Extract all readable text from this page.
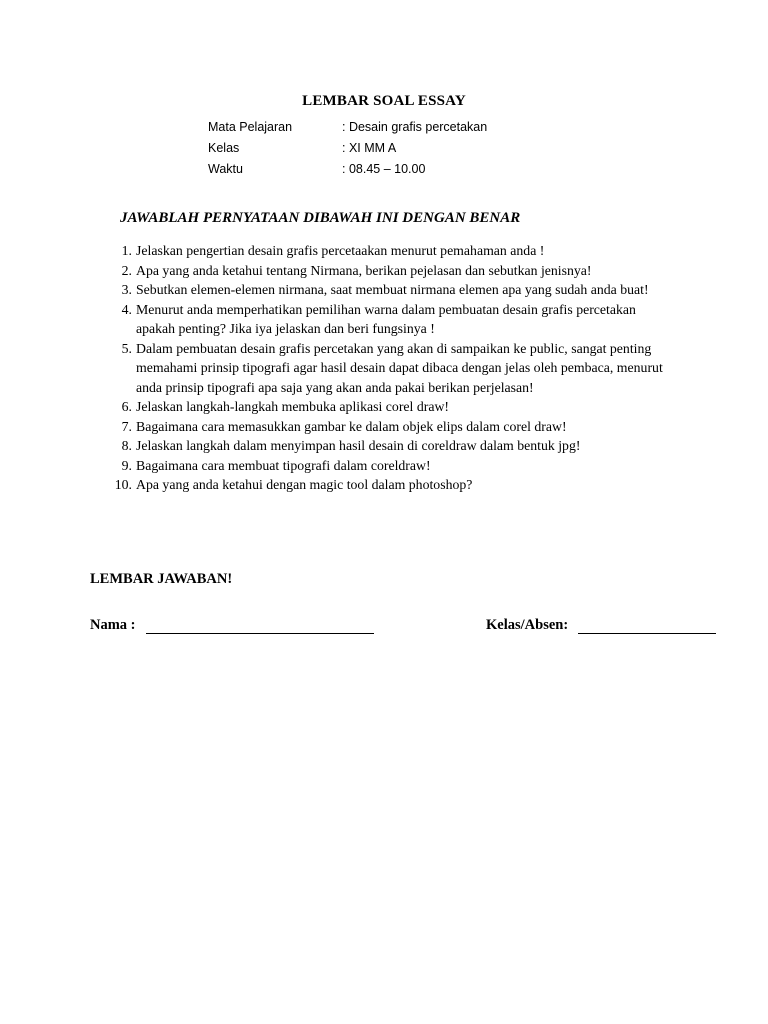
LEMBAR SOAL ESSAY
Mata Pelajaran	: Desain grafis percetakan
Kelas	: XI MM A
Waktu	: 08.45 – 10.00
JAWABLAH PERNYATAAN DIBAWAH INI DENGAN BENAR
1. Jelaskan pengertian desain grafis percetaakan menurut pemahaman anda !
2. Apa yang anda ketahui tentang Nirmana, berikan pejelasan dan sebutkan jenisnya!
3. Sebutkan elemen-elemen nirmana, saat membuat nirmana elemen apa yang sudah anda buat!
4. Menurut anda memperhatikan pemilihan warna dalam pembuatan desain grafis percetakan apakah penting? Jika iya jelaskan dan beri fungsinya !
5. Dalam pembuatan desain grafis percetakan yang akan di sampaikan ke public, sangat penting memahami prinsip tipografi agar hasil desain dapat dibaca dengan jelas oleh pembaca, menurut anda prinsip tipografi apa saja yang akan anda pakai berikan perjelasan!
6. Jelaskan langkah-langkah membuka aplikasi corel draw!
7. Bagaimana cara memasukkan gambar ke dalam objek elips dalam corel draw!
8. Jelaskan langkah dalam menyimpan hasil desain di coreldraw dalam bentuk jpg!
9. Bagaimana cara membuat tipografi dalam coreldraw!
10. Apa yang anda ketahui dengan magic tool dalam photoshop?
LEMBAR JAWABAN!
Nama :	Kelas/Absen:
